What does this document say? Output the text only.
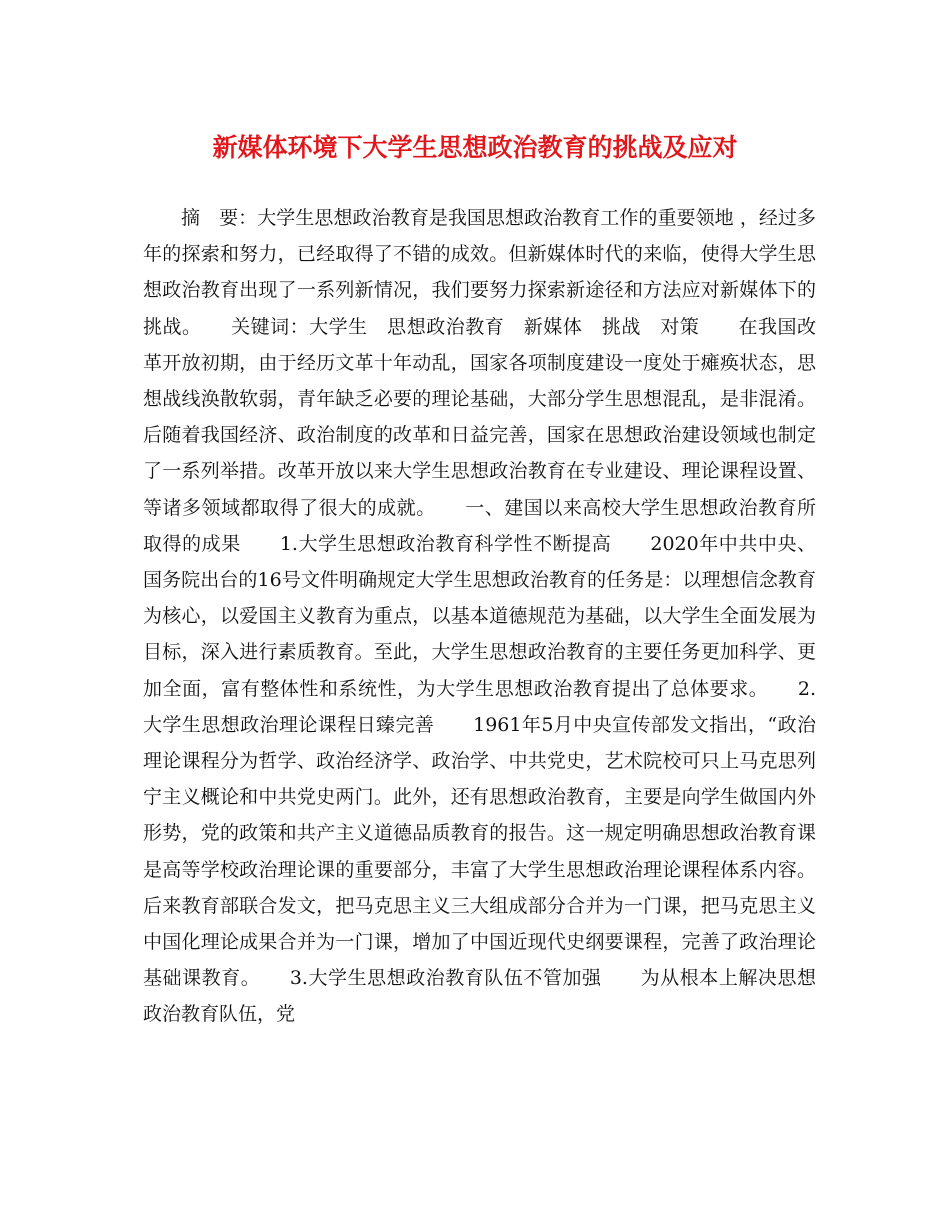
新媒体环境下大学生思想政治教育的挑战及应对

摘　要：大学生思想政治教育是我国思想政治教育工作的重要领地 ，经过多年的探索和努力，已经取得了不错的成效。但新媒体时代的来临，使得大学生思想政治教育出现了一系列新情况，我们要努力探索新途径和方法应对新媒体下的挑战。　　关键词：大学生　思想政治教育　新媒体　挑战　对策　　在我国改革开放初期，由于经历文革十年动乱，国家各项制度建设一度处于瘫痪状态，思想战线涣散软弱，青年缺乏必要的理论基础，大部分学生思想混乱，是非混淆。后随着我国经济、政治制度的改革和日益完善，国家在思想政治建设领域也制定了一系列举措。改革开放以来大学生思想政治教育在专业建设、理论课程设置、等诸多领域都取得了很大的成就。　　一、建国以来高校大学生思想政治教育所取得的成果　　1.大学生思想政治教育科学性不断提高　　2020年中共中央、国务院出台的16号文件明确规定大学生思想政治教育的任务是：以理想信念教育为核心，以爱国主义教育为重点，以基本道德规范为基础，以大学生全面发展为目标，深入进行素质教育。至此，大学生思想政治教育的主要任务更加科学、更加全面，富有整体性和系统性，为大学生思想政治教育提出了总体要求。　　2.大学生思想政治理论课程日臻完善　　1961年5月中央宣传部发文指出，“政治理论课程分为哲学、政治经济学、政治学、中共党史，艺术院校可只上马克思列宁主义概论和中共党史两门。此外，还有思想政治教育，主要是向学生做国内外形势，党的政策和共产主义道德品质教育的报告。这一规定明确思想政治教育课是高等学校政治理论课的重要部分，丰富了大学生思想政治理论课程体系内容。后来教育部联合发文，把马克思主义三大组成部分合并为一门课，把马克思主义中国化理论成果合并为一门课，增加了中国近现代史纲要课程，完善了政治理论基础课教育。　　3.大学生思想政治教育队伍不管加强　　为从根本上解决思想政治教育队伍，党
